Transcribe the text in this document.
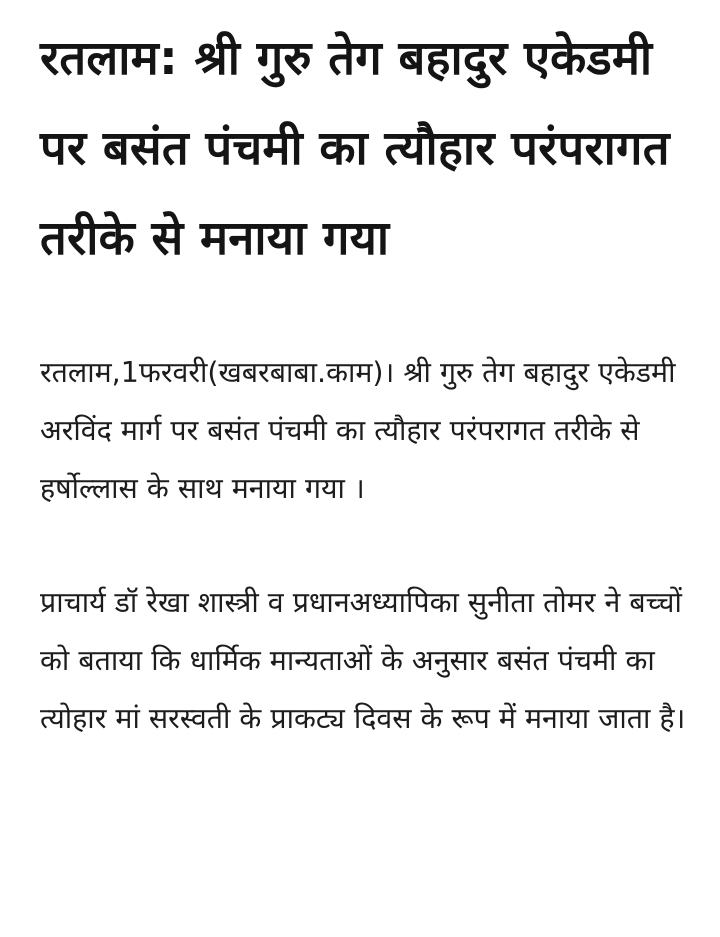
रतलाम: श्री गुरु तेग बहादुर एकेडमी पर बसंत पंचमी का त्यौहार परंपरागत तरीके से मनाया गया

रतलाम,1फरवरी(खबरबाबा.काम)। श्री गुरु तेग बहादुर एकेडमी अरविंद मार्ग पर बसंत पंचमी का त्यौहार परंपरागत तरीके से हर्षोल्लास के साथ मनाया गया ।

प्राचार्य डॉ रेखा शास्त्री व प्रधानअध्यापिका सुनीता तोमर ने बच्चों को बताया कि धार्मिक मान्यताओं के अनुसार बसंत पंचमी का त्योहार मां सरस्वती के प्राकट्य दिवस के रूप में मनाया जाता है।
